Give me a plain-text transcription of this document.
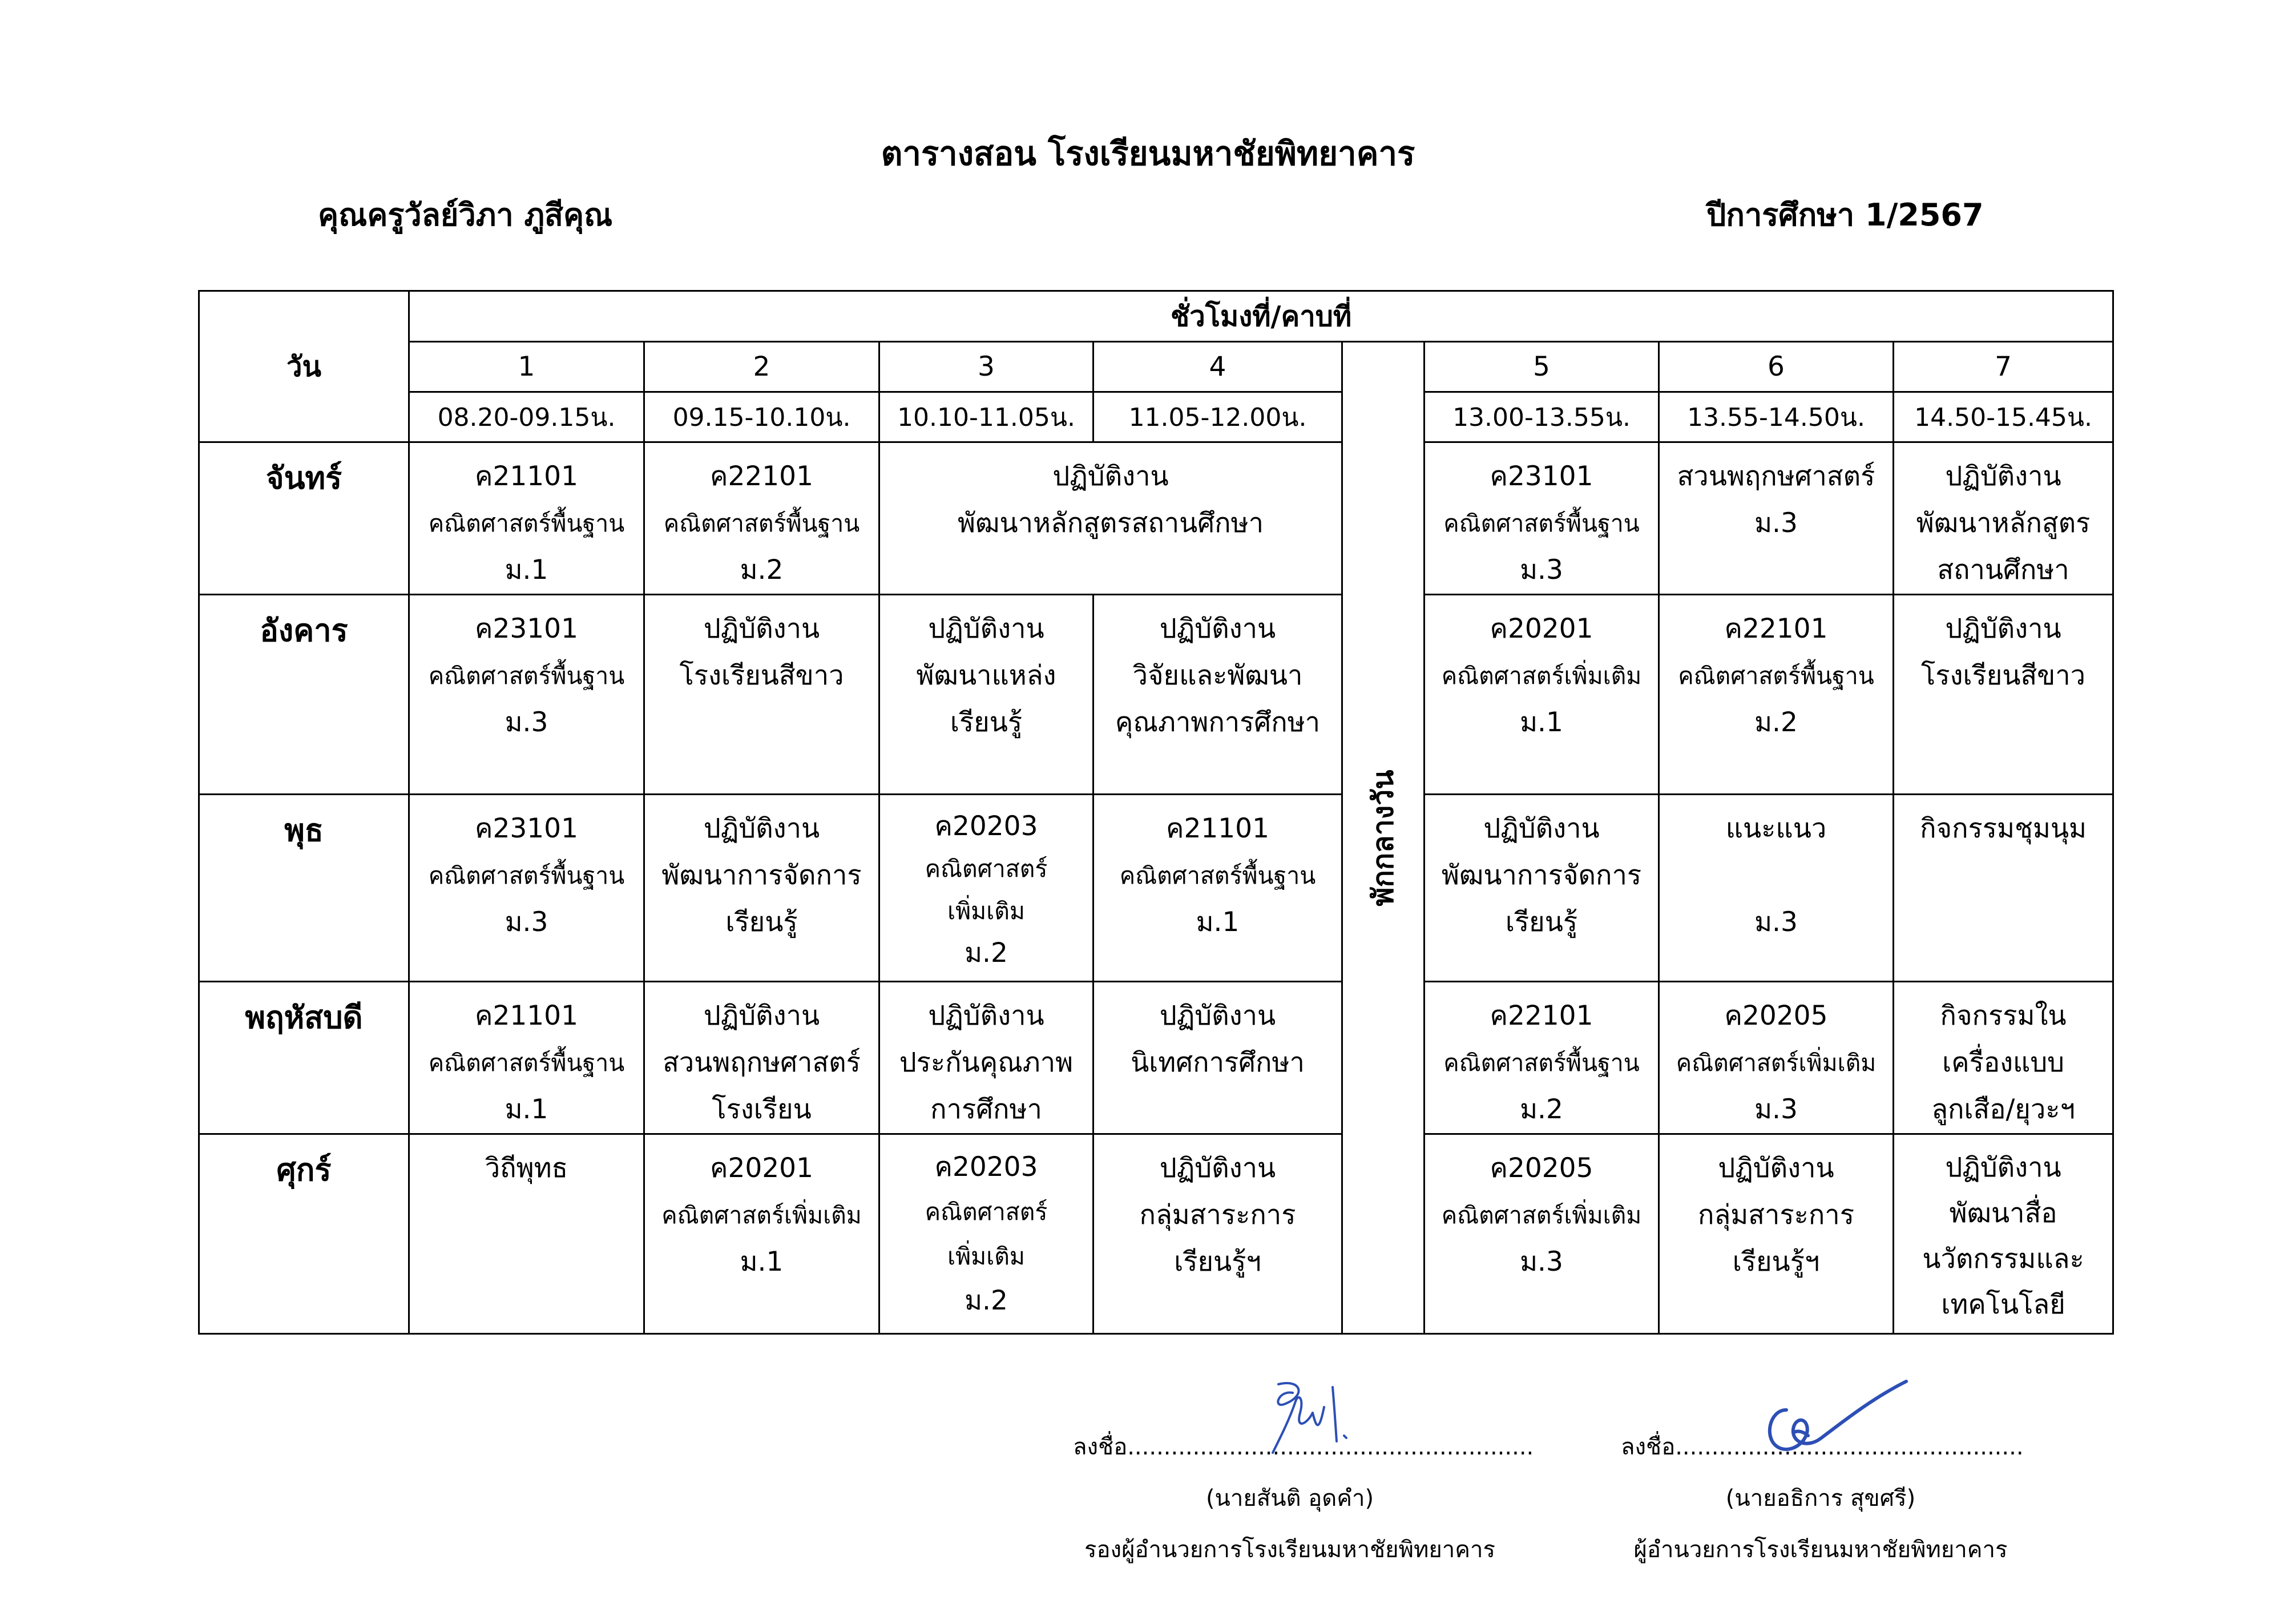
ตารางสอน โรงเรียนมหาชัยพิทยาคาร
คุณครูวัลย์วิภา ภูสีคุณ	ปีการศึกษา 1/2567
วัน	ชั่วโมงที่/คาบที่							
	1	2	3	4	พักกลางวัน	5	6	7
	08.20-09.15น.	09.15-10.10น.	10.10-11.05น.	11.05-12.00น.		13.00-13.55น.	13.55-14.50น.	14.50-15.45น.
จันทร์	ค21101
คณิตศาสตร์พื้นฐาน
ม.1	ค22101
คณิตศาสตร์พื้นฐาน
ม.2	ปฏิบัติงาน
พัฒนาหลักสูตรสถานศึกษา			ค23101
คณิตศาสตร์พื้นฐาน
ม.3	สวนพฤกษศาสตร์
ม.3	ปฏิบัติงาน
พัฒนาหลักสูตร
สถานศึกษา

อังคาร	ค23101
คณิตศาสตร์พื้นฐาน
ม.3	ปฏิบัติงาน
โรงเรียนสีขาว	ปฏิบัติงาน
พัฒนาแหล่ง
เรียนรู้	ปฏิบัติงาน
วิจัยและพัฒนา
คุณภาพการศึกษา		ค20201
คณิตศาสตร์เพิ่มเติม
ม.1	ค22101
คณิตศาสตร์พื้นฐาน
ม.2	ปฏิบัติงาน
โรงเรียนสีขาว

พุธ	ค23101
คณิตศาสตร์พื้นฐาน
ม.3	ปฏิบัติงาน
พัฒนาการจัดการ
เรียนรู้	ค20203
คณิตศาสตร์
เพิ่มเติม
ม.2	ค21101
คณิตศาสตร์พื้นฐาน
ม.1		ปฏิบัติงาน
พัฒนาการจัดการ
เรียนรู้	แนะแนว
ม.3	กิจกรรมชุมนุม

พฤหัสบดี	ค21101
คณิตศาสตร์พื้นฐาน
ม.1	ปฏิบัติงาน
สวนพฤกษศาสตร์
โรงเรียน	ปฏิบัติงาน
ประกันคุณภาพ
การศึกษา	ปฏิบัติงาน
นิเทศการศึกษา		ค22101
คณิตศาสตร์พื้นฐาน
ม.2	ค20205
คณิตศาสตร์เพิ่มเติม
ม.3	กิจกรรมใน
เครื่องแบบ
ลูกเสือ/ยุวะฯ

ศุกร์	วิถีพุทธ	ค20201
คณิตศาสตร์เพิ่มเติม
ม.1	ค20203
คณิตศาสตร์
เพิ่มเติม
ม.2	ปฏิบัติงาน
กลุ่มสาระการ
เรียนรู้ฯ		ค20205
คณิตศาสตร์เพิ่มเติม
ม.3	ปฏิบัติงาน
กลุ่มสาระการ
เรียนรู้ฯ	ปฏิบัติงาน
พัฒนาสื่อ
นวัตกรรมและ
เทคโนโลยี
ลงชื่อ........................................................
(นายสันติ อุดคำ)
รองผู้อำนวยการโรงเรียนมหาชัยพิทยาคาร
ลงชื่อ................................................
(นายอธิการ สุขศรี)
ผู้อำนวยการโรงเรียนมหาชัยพิทยาคาร
